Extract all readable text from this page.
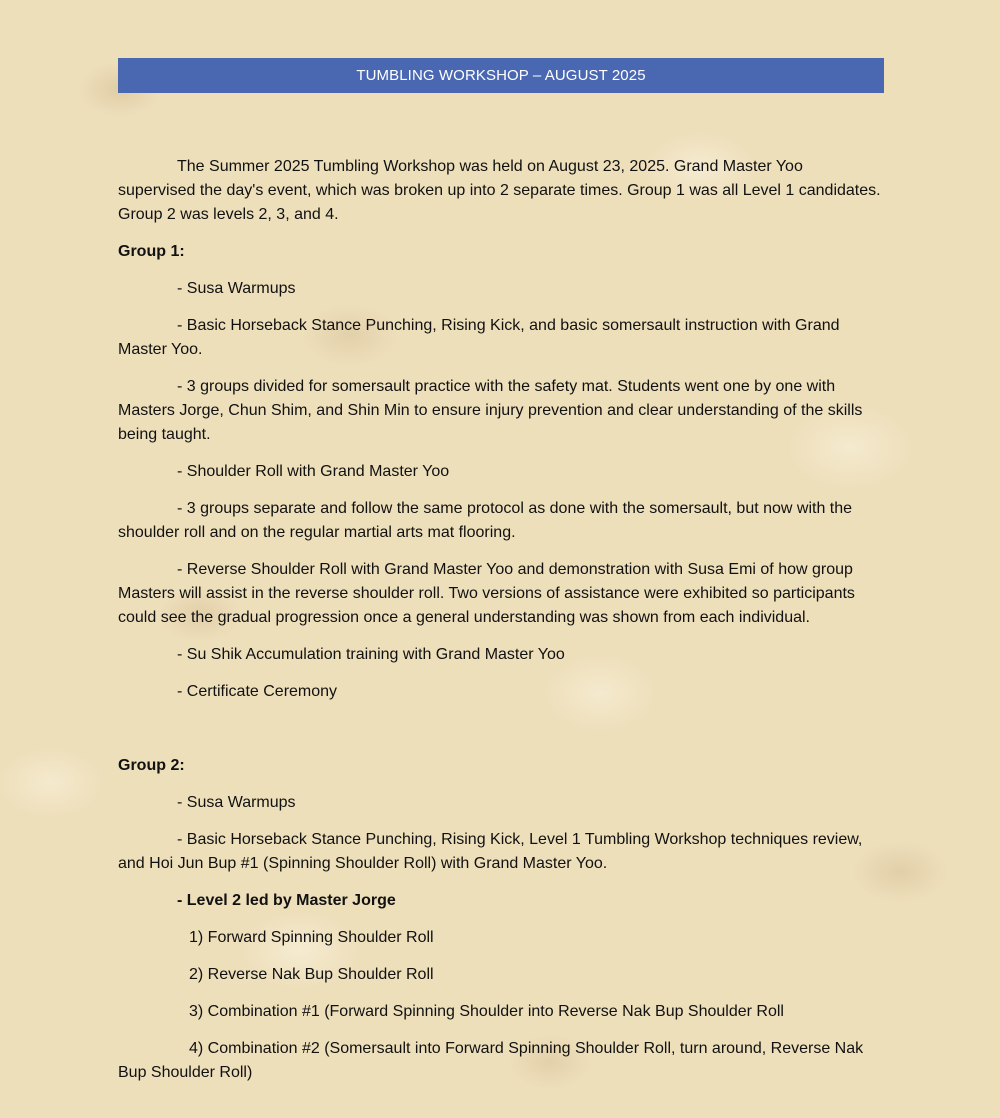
TUMBLING WORKSHOP – AUGUST 2025

The Summer 2025 Tumbling Workshop was held on August 23, 2025. Grand Master Yoo supervised the day's event, which was broken up into 2 separate times. Group 1 was all Level 1 candidates. Group 2 was levels 2, 3, and 4.

Group 1:

- Susa Warmups

- Basic Horseback Stance Punching, Rising Kick, and basic somersault instruction with Grand Master Yoo.

- 3 groups divided for somersault practice with the safety mat. Students went one by one with Masters Jorge, Chun Shim, and Shin Min to ensure injury prevention and clear understanding of the skills being taught.

- Shoulder Roll with Grand Master Yoo

- 3 groups separate and follow the same protocol as done with the somersault, but now with the shoulder roll and on the regular martial arts mat flooring.

- Reverse Shoulder Roll with Grand Master Yoo and demonstration with Susa Emi of how group Masters will assist in the reverse shoulder roll. Two versions of assistance were exhibited so participants could see the gradual progression once a general understanding was shown from each individual.

- Su Shik Accumulation training with Grand Master Yoo

- Certificate Ceremony

Group 2:

- Susa Warmups

- Basic Horseback Stance Punching, Rising Kick, Level 1 Tumbling Workshop techniques review, and Hoi Jun Bup #1 (Spinning Shoulder Roll) with Grand Master Yoo.

- Level 2 led by Master Jorge

1) Forward Spinning Shoulder Roll

2) Reverse Nak Bup Shoulder Roll

3) Combination #1 (Forward Spinning Shoulder into Reverse Nak Bup Shoulder Roll

4) Combination #2 (Somersault into Forward Spinning Shoulder Roll, turn around, Reverse Nak Bup Shoulder Roll)
